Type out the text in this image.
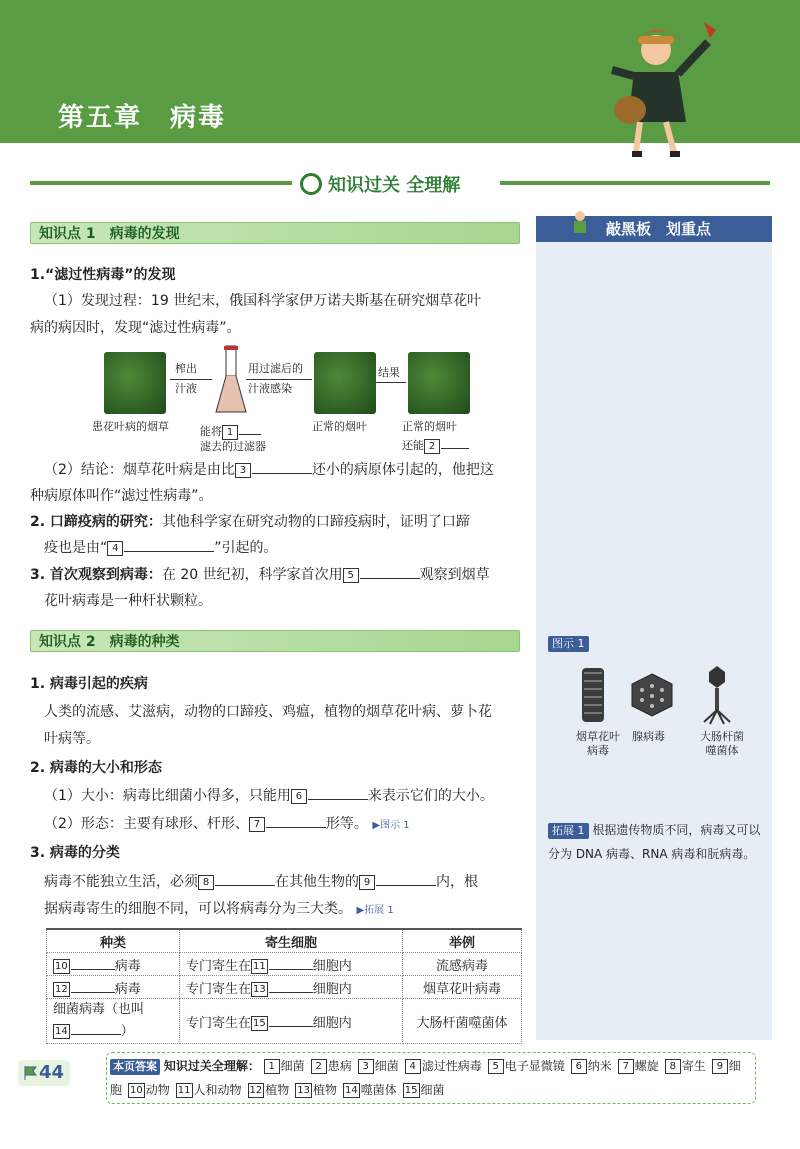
第五章　病毒
知识过关 全理解
敲黑板　划重点
知识点 1　病毒的发现
1.“滤过性病毒”的发现
（1）发现过程：19 世纪末，俄国科学家伊万诺夫斯基在研究烟草花叶
病的病因时，发现“滤过性病毒”。
榨出
汁液
用过滤后的
汁液感染
结果
患花叶病的烟草	能将 1
滤去的过滤器
正常的烟叶	正常的烟叶
还能 2
（2）结论：烟草花叶病是由比 3	还小的病原体引起的，他把这
种病原体叫作“滤过性病毒”。
2. 口蹄疫病的研究：其他科学家在研究动物的口蹄疫病时，证明了口蹄
疫也是由“ 4	”引起的。
3. 首次观察到病毒：在 20 世纪初，科学家首次用 5	观察到烟草
花叶病毒是一种杆状颗粒。
知识点 2　病毒的种类
1. 病毒引起的疾病
人类的流感、艾滋病，动物的口蹄疫、鸡瘟，植物的烟草花叶病、萝卜花
叶病等。
2. 病毒的大小和形态
（1）大小：病毒比细菌小得多，只能用 6	来表示它们的大小。
（2）形态：主要有球形、杆形、 7	形等。 ▶图示 1
3. 病毒的分类
病毒不能独立生活，必须 8	在其他生物的 9	内，根
据病毒寄生的细胞不同，可以将病毒分为三大类。 ▶拓展 1
种类	寄生细胞	举例
10 病毒	专门寄生在 11 细胞内	流感病毒
12 病毒	专门寄生在 13 细胞内	烟草花叶病毒
细菌病毒（也叫
14 ）	专门寄生在 15 细胞内	大肠杆菌噬菌体
图示 1
烟草花叶病毒
腺病毒	大肠杆菌噬菌体
拓展 1 根据遗传物质不同，病毒又可以分为 DNA 病毒、RNA 病毒和朊病毒。
44	本页答案 知识过关全理解： 1 细菌 2 患病 3 细菌 4 滤过性病毒 5 电子显微镜 6 纳米 7 螺旋 8 寄生 9 细胞 10 动物 11 人和动物 12 植物 13 植物 14 噬菌体 15 细菌
